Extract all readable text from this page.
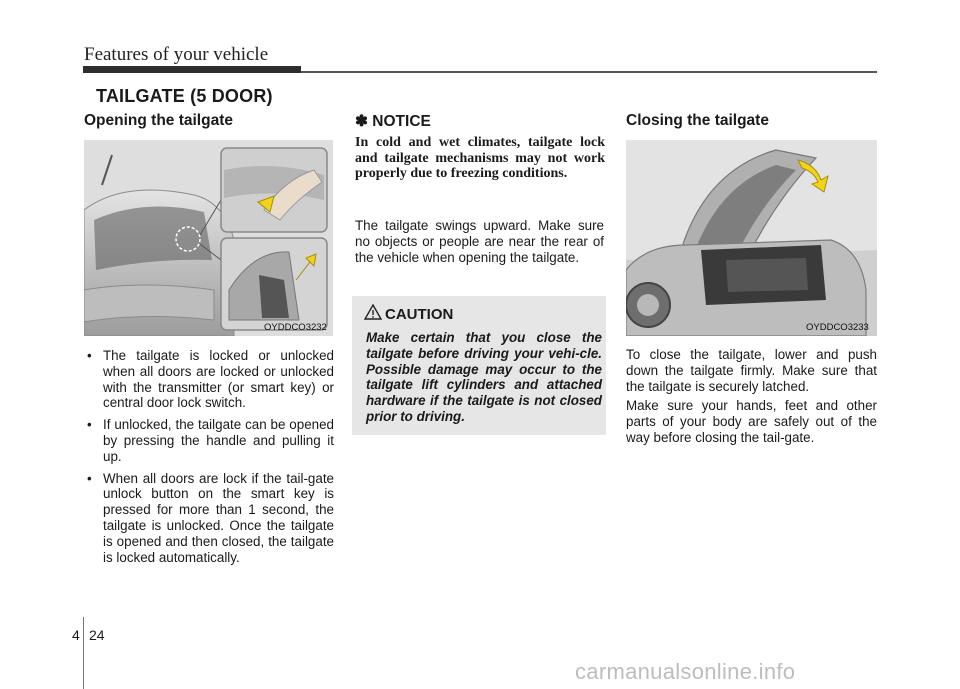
Features of your vehicle
TAILGATE (5 DOOR)
Opening the tailgate
OYDDCO3232
• The tailgate is locked or unlocked when all doors are locked or unlocked with the transmitter (or smart key) or central door lock switch.
• If unlocked, the tailgate can be opened by pressing the handle and pulling it up.
• When all doors are lock if the tail-gate unlock button on the smart key is pressed for more than 1 second, the tailgate is unlocked. Once the tailgate is opened and then closed, the tailgate is locked automatically.
✽ NOTICE
In cold and wet climates, tailgate lock and tailgate mechanisms may not work properly due to freezing conditions.
The tailgate swings upward. Make sure no objects or people are near the rear of the vehicle when opening the tailgate.
CAUTION
Make certain that you close the tailgate before driving your vehi-cle. Possible damage may occur to the tailgate lift cylinders and attached hardware if the tailgate is not closed prior to driving.
Closing the tailgate
OYDDCO3233
To close the tailgate, lower and push down the tailgate firmly. Make sure that the tailgate is securely latched.
Make sure your hands, feet and other parts of your body are safely out of the way before closing the tail-gate.
4 24
carmanualsonline.info
